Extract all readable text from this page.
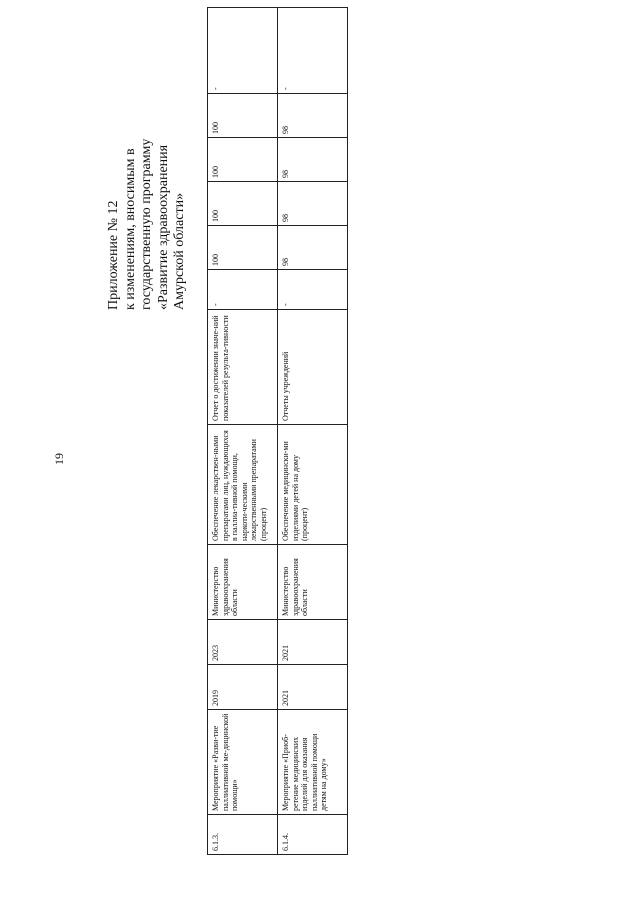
19
Приложение № 12 к изменениям, вносимым в государственную программу «Развитие здравоохранения Амурской области»
6.1.3.	Мероприятие «Разви-тие паллиативной ме-дицинской помощи»	2019	2023	Министерство здравоохранения области	Обеспечение лекарствен-ными препаратами лиц, нуждающихся в паллиа-тивной помощи, наркоти-ческими лекарственными препаратами (процент)	Отчет о достижении значе-ний показателей результа-тивности	-	100	100	100	100	-
6.1.4.	Мероприятие «Приоб-ретение медицинских изделий для оказания паллиативной помощи детям на дому»	2021	2021	Министерство здравоохранения области	Обеспечение медицински-ми изделиями детей на дому (процент)	Отчеты учреждений	-	98	98	98	98	-
